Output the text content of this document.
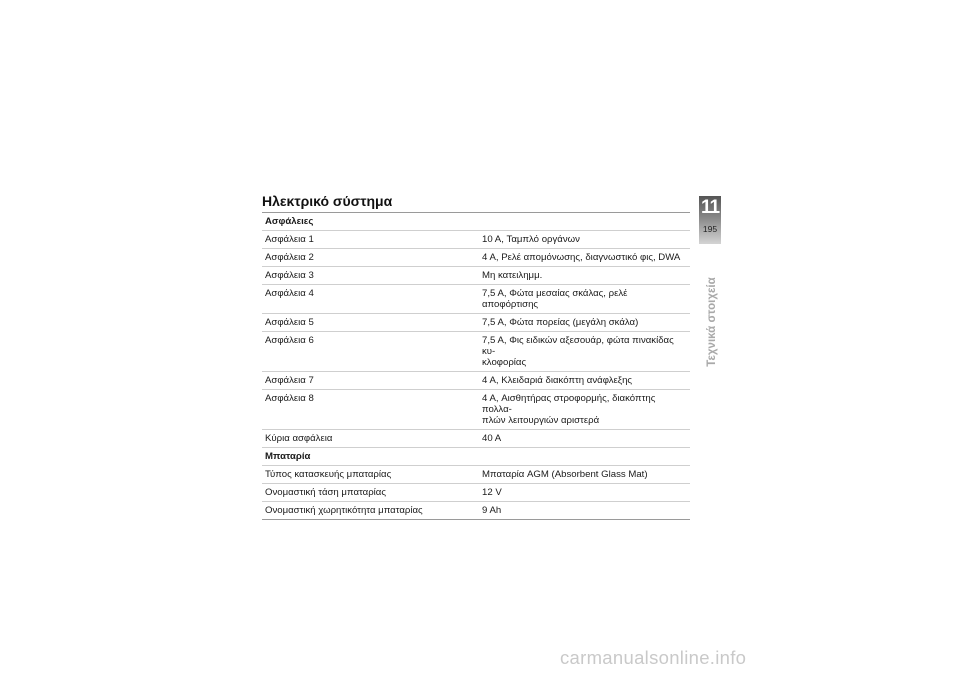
Ηλεκτρικό σύστημα
Ασφάλειες	
Ασφάλεια 1	10 A, Ταμπλό οργάνων
Ασφάλεια 2	4 A, Ρελέ απομόνωσης, διαγνωστικό φις, DWA
Ασφάλεια 3	Μη κατειλημμ.
Ασφάλεια 4	7,5 A, Φώτα μεσαίας σκάλας, ρελέ αποφόρτισης
Ασφάλεια 5	7,5 A, Φώτα πορείας (μεγάλη σκάλα)
Ασφάλεια 6	7,5 A, Φις ειδικών αξεσουάρ, φώτα πινακίδας κυ-
κλοφορίας
Ασφάλεια 7	4 A, Κλειδαριά διακόπτη ανάφλεξης
Ασφάλεια 8	4 A, Αισθητήρας στροφορμής, διακόπτης πολλα-
πλών λειτουργιών αριστερά
Κύρια ασφάλεια	40 A
Μπαταρία	
Τύπος κατασκευής μπαταρίας	Μπαταρία AGM (Absorbent Glass Mat)
Ονομαστική τάση μπαταρίας	12 V
Ονομαστική χωρητικότητα μπαταρίας	9 Ah
11
195
Τεχνικά στοιχεία
carmanualsonline.info
